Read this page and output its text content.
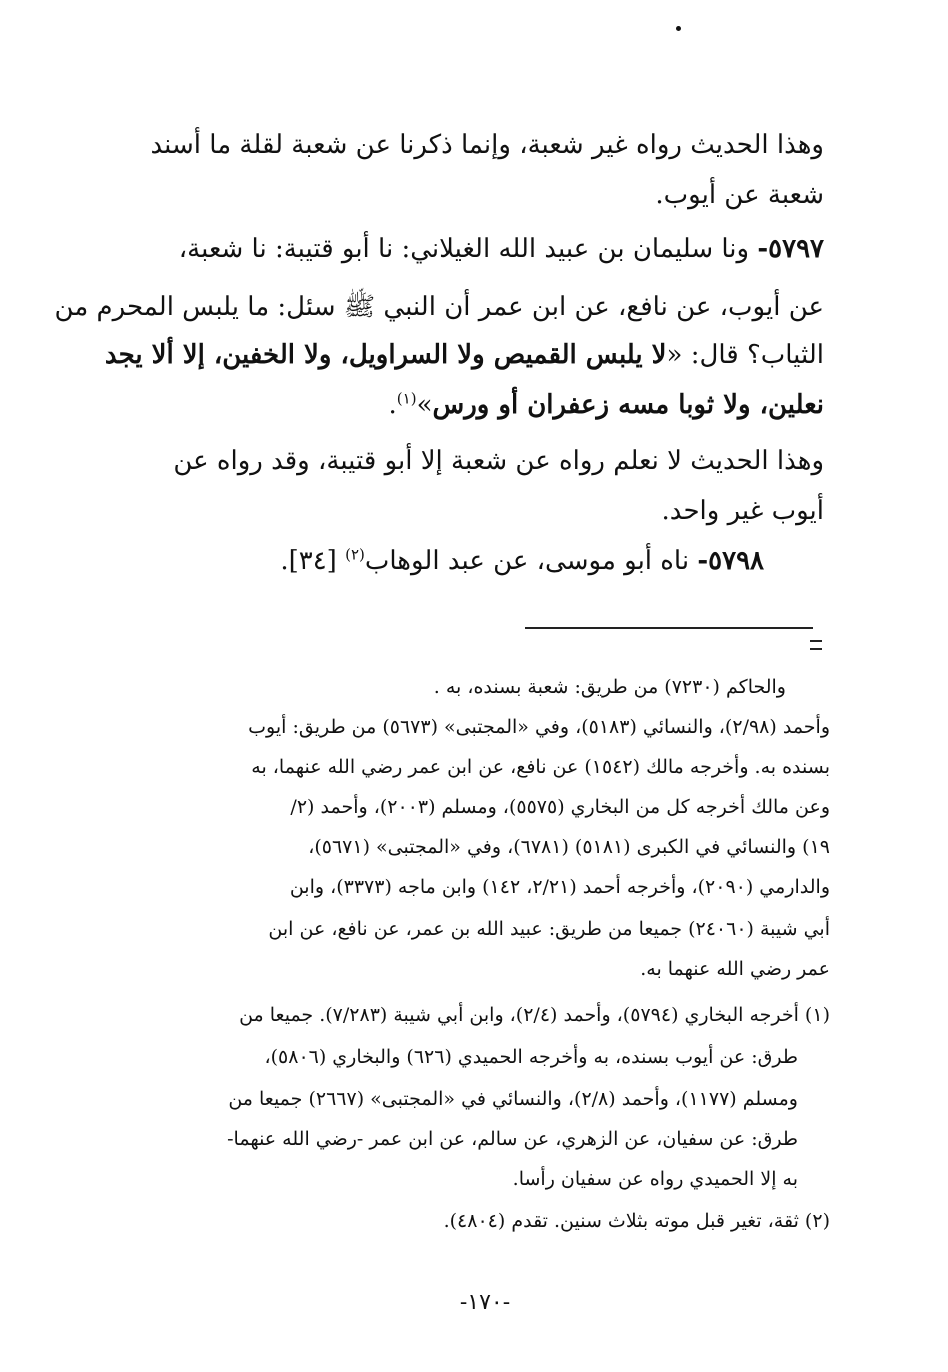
وهذا الحديث رواه غير شعبة، وإنما ذكرنا عن شعبة لقلة ما أسند
شعبة عن أيوب.
٥٧٩٧- ونا سليمان بن عبيد الله الغيلاني: نا أبو قتيبة: نا شعبة،
عن أيوب، عن نافع، عن ابن عمر أن النبي ﷺ سئل: ما يلبس المحرم من
الثياب؟ قال: «لا يلبس القميص ولا السراويل، ولا الخفين، إلا ألا يجد
نعلين، ولا ثوبا مسه زعفران أو ورس»$^{(١)}$.
وهذا الحديث لا نعلم رواه عن شعبة إلا أبو قتيبة، وقد رواه عن
أيوب غير واحد.
٥٧٩٨- ناه أبو موسى، عن عبد الوهاب$^{(٢)}$ [٣٤].
والحاكم (٧٢٣٠) من طريق: شعبة بسنده، به .
وأحمد (٢/٩٨)، والنسائي (٥١٨٣)، وفي «المجتبى» (٥٦٧٣) من طريق: أيوب
بسنده به. وأخرجه مالك (١٥٤٢) عن نافع، عن ابن عمر رضي الله عنهما، به
وعن مالك أخرجه كل من البخاري (٥٥٧٥)، ومسلم (٢٠٠٣)، وأحمد (٢/
١٩) والنسائي في الكبرى (٥١٨١) (٦٧٨١)، وفي «المجتبى» (٥٦٧١)،
والدارمي (٢٠٩٠)، وأخرجه أحمد (٢/٢١، ١٤٢) وابن ماجه (٣٣٧٣)، وابن
أبي شيبة (٢٤٠٦٠) جميعا من طريق: عبيد الله بن عمر، عن نافع، عن ابن
عمر رضي الله عنهما به.
(١) أخرجه البخاري (٥٧٩٤)، وأحمد (٢/٤)، وابن أبي شيبة (٧/٢٨٣). جميعا من
طرق: عن أيوب بسنده، به وأخرجه الحميدي (٦٢٦) والبخاري (٥٨٠٦)،
ومسلم (١١٧٧)، وأحمد (٢/٨)، والنسائي في «المجتبى» (٢٦٦٧) جميعا من
طرق: عن سفيان، عن الزهري، عن سالم، عن ابن عمر -رضي الله عنهما-
به إلا الحميدي رواه عن سفيان رأسا.
(٢) ثقة، تغير قبل موته بثلاث سنين. تقدم (٤٨٠٤).
-١٧٠-
